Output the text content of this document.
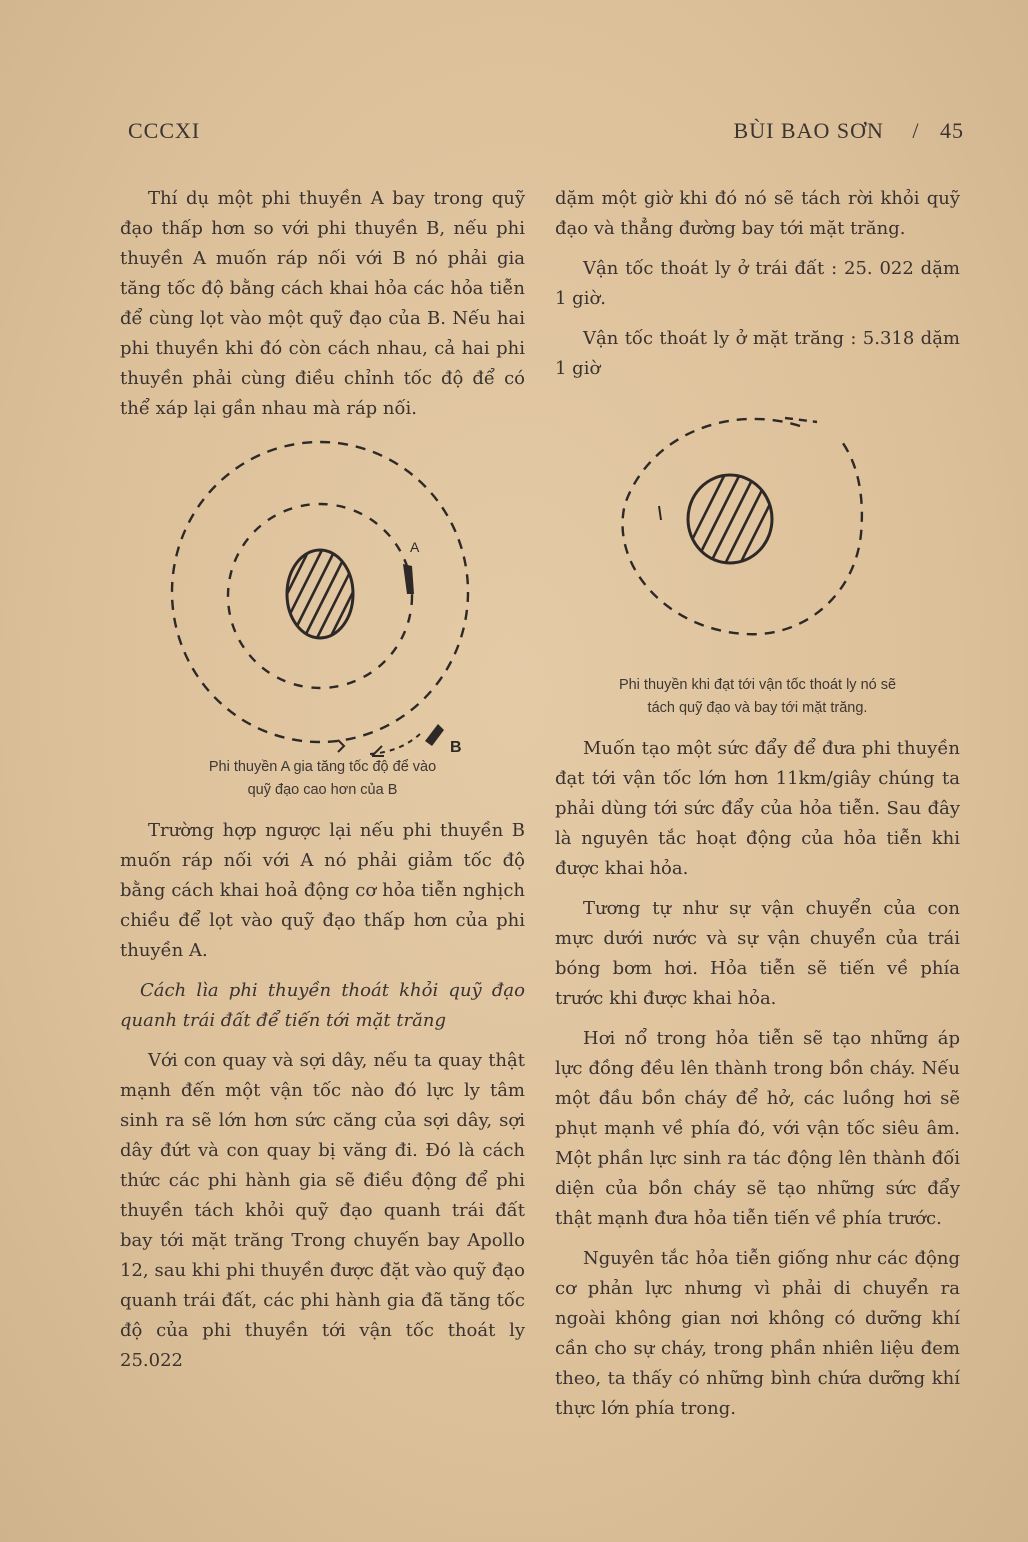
CCCXI	BÙI BAO SƠN / 45

Thí dụ một phi thuyền A bay trong quỹ đạo thấp hơn so với phi thuyền B, nếu phi thuyền A muốn ráp nối với B nó phải gia tăng tốc độ bằng cách khai hỏa các hỏa tiễn để cùng lọt vào một quỹ đạo của B. Nếu hai phi thuyền khi đó còn cách nhau, cả hai phi thuyền phải cùng điều chỉnh tốc độ để có thể xáp lại gần nhau mà ráp nối.

A
B
Phi thuyền A gia tăng tốc độ để vào
quỹ đạo cao hơn của B

Trường hợp ngược lại nếu phi thuyền B muốn ráp nối với A nó phải giảm tốc độ bằng cách khai hoả động cơ hỏa tiễn nghịch chiều để lọt vào quỹ đạo thấp hơn của phi thuyền A.

Cách lìa phi thuyền thoát khỏi quỹ đạo quanh trái đất để tiến tới mặt trăng

Với con quay và sợi dây, nếu ta quay thật mạnh đến một vận tốc nào đó lực ly tâm sinh ra sẽ lớn hơn sức căng của sợi dây, sợi dây đứt và con quay bị văng đi. Đó là cách thức các phi hành gia sẽ điều động để phi thuyền tách khỏi quỹ đạo quanh trái đất bay tới mặt trăng Trong chuyến bay Apollo 12, sau khi phi thuyền được đặt vào quỹ đạo quanh trái đất, các phi hành gia đã tăng tốc độ của phi thuyền tới vận tốc thoát ly 25.022

dặm một giờ khi đó nó sẽ tách rời khỏi quỹ đạo và thẳng đường bay tới mặt trăng.

Vận tốc thoát ly ở trái đất : 25. 022 dặm 1 giờ.

Vận tốc thoát ly ở mặt trăng : 5.318 dặm 1 giờ

Phi thuyền khi đạt tới vận tốc thoát ly nó sẽ
tách quỹ đạo và bay tới mặt trăng.

Muốn tạo một sức đẩy để đưa phi thuyền đạt tới vận tốc lớn hơn 11km/giây chúng ta phải dùng tới sức đẩy của hỏa tiễn. Sau đây là nguyên tắc hoạt động của hỏa tiễn khi được khai hỏa.

Tương tự như sự vận chuyển của con mực dưới nước và sự vận chuyển của trái bóng bơm hơi. Hỏa tiễn sẽ tiến về phía trước khi được khai hỏa.

Hơi nổ trong hỏa tiễn sẽ tạo những áp lực đồng đều lên thành trong bồn cháy. Nếu một đầu bồn cháy để hở, các luồng hơi sẽ phụt mạnh về phía đó, với vận tốc siêu âm. Một phần lực sinh ra tác động lên thành đối diện của bồn cháy sẽ tạo những sức đẩy thật mạnh đưa hỏa tiễn tiến về phía trước.

Nguyên tắc hỏa tiễn giống như các động cơ phản lực nhưng vì phải di chuyển ra ngoài không gian nơi không có dưỡng khí cần cho sự cháy, trong phần nhiên liệu đem theo, ta thấy có những bình chứa dưỡng khí thực lớn phía trong.
